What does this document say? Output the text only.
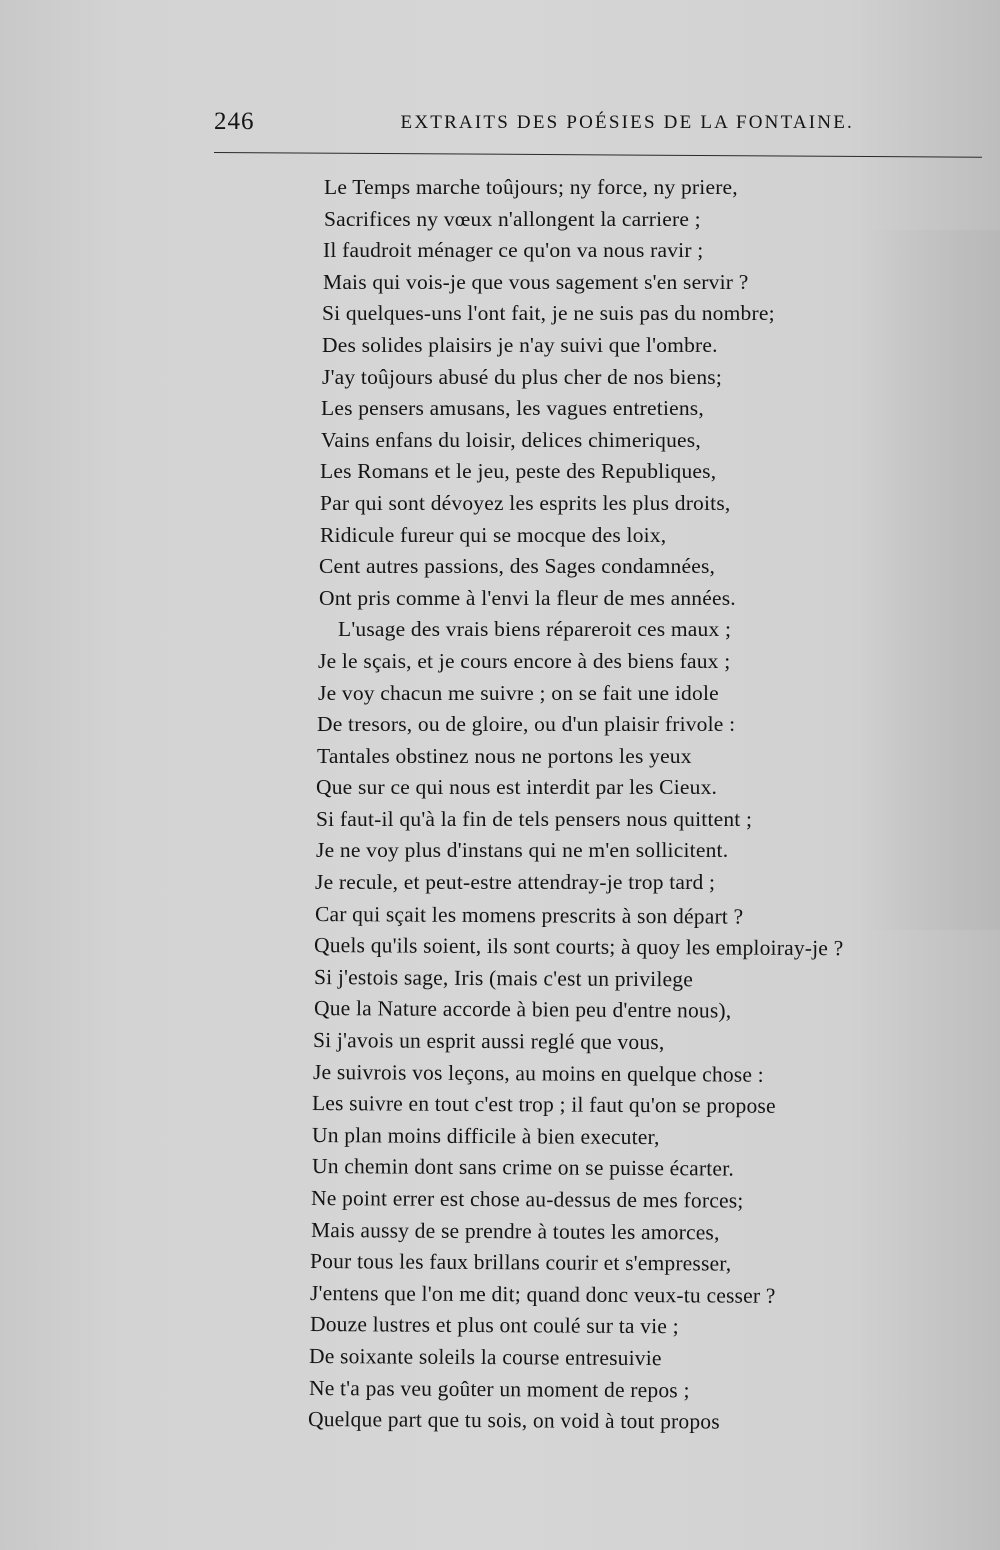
246	EXTRAITS DES POÉSIES DE LA FONTAINE.
Le Temps marche toûjours; ny force, ny priere,
Sacrifices ny vœux n'allongent la carriere ;
Il faudroit ménager ce qu'on va nous ravir ;
Mais qui vois-je que vous sagement s'en servir ?
Si quelques-uns l'ont fait, je ne suis pas du nombre;
Des solides plaisirs je n'ay suivi que l'ombre.
J'ay toûjours abusé du plus cher de nos biens;
Les pensers amusans, les vagues entretiens,
Vains enfans du loisir, delices chimeriques,
Les Romans et le jeu, peste des Republiques,
Par qui sont dévoyez les esprits les plus droits,
Ridicule fureur qui se mocque des loix,
Cent autres passions, des Sages condamnées,
Ont pris comme à l'envi la fleur de mes années.
L'usage des vrais biens répareroit ces maux ;
Je le sçais, et je cours encore à des biens faux ;
Je voy chacun me suivre ; on se fait une idole
De tresors, ou de gloire, ou d'un plaisir frivole :
Tantales obstinez nous ne portons les yeux
Que sur ce qui nous est interdit par les Cieux.
Si faut-il qu'à la fin de tels pensers nous quittent ;
Je ne voy plus d'instans qui ne m'en sollicitent.
Je recule, et peut-estre attendray-je trop tard ;
Car qui sçait les momens prescrits à son départ ?
Quels qu'ils soient, ils sont courts; à quoy les emploiray-je ?
Si j'estois sage, Iris (mais c'est un privilege
Que la Nature accorde à bien peu d'entre nous),
Si j'avois un esprit aussi reglé que vous,
Je suivrois vos leçons, au moins en quelque chose :
Les suivre en tout c'est trop ; il faut qu'on se propose
Un plan moins difficile à bien executer,
Un chemin dont sans crime on se puisse écarter.
Ne point errer est chose au-dessus de mes forces;
Mais aussy de se prendre à toutes les amorces,
Pour tous les faux brillans courir et s'empresser,
J'entens que l'on me dit; quand donc veux-tu cesser ?
Douze lustres et plus ont coulé sur ta vie ;
De soixante soleils la course entresuivie
Ne t'a pas veu goûter un moment de repos ;
Quelque part que tu sois, on void à tout propos
